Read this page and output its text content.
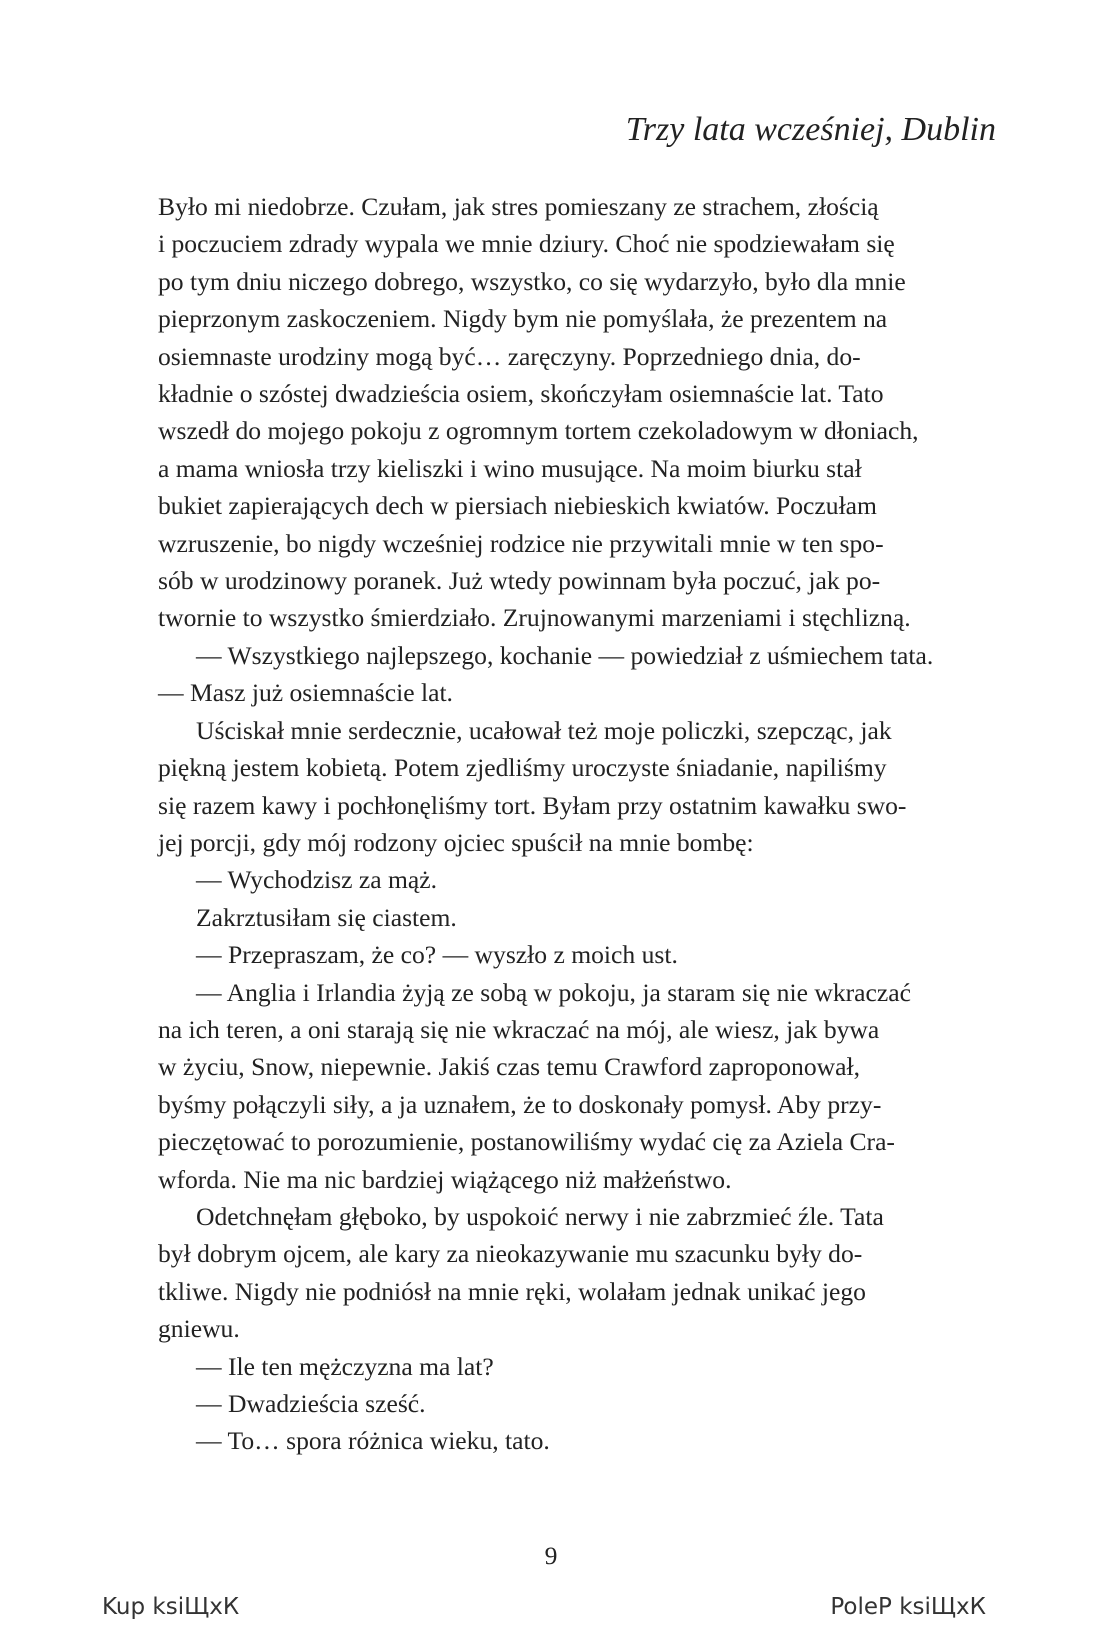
Trzy lata wcześniej, Dublin

Było mi niedobrze. Czułam, jak stres pomieszany ze strachem, złością
i poczuciem zdrady wypala we mnie dziury. Choć nie spodziewałam się
po tym dniu niczego dobrego, wszystko, co się wydarzyło, było dla mnie
pieprzonym zaskoczeniem. Nigdy bym nie pomyślała, że prezentem na
osiemnaste urodziny mogą być… zaręczyny. Poprzedniego dnia, do-
kładnie o szóstej dwadzieścia osiem, skończyłam osiemnaście lat. Tato
wszedł do mojego pokoju z ogromnym tortem czekoladowym w dłoniach,
a mama wniosła trzy kieliszki i wino musujące. Na moim biurku stał
bukiet zapierających dech w piersiach niebieskich kwiatów. Poczułam
wzruszenie, bo nigdy wcześniej rodzice nie przywitali mnie w ten spo-
sób w urodzinowy poranek. Już wtedy powinnam była poczuć, jak po-
twornie to wszystko śmierdziało. Zrujnowanymi marzeniami i stęchlizną.

— Wszystkiego najlepszego, kochanie — powiedział z uśmiechem tata.
— Masz już osiemnaście lat.

Uściskał mnie serdecznie, ucałował też moje policzki, szepcząc, jak
piękną jestem kobietą. Potem zjedliśmy uroczyste śniadanie, napiliśmy
się razem kawy i pochłonęliśmy tort. Byłam przy ostatnim kawałku swo-
jej porcji, gdy mój rodzony ojciec spuścił na mnie bombę:

— Wychodzisz za mąż.

Zakrztusiłam się ciastem.

— Przepraszam, że co? — wyszło z moich ust.

— Anglia i Irlandia żyją ze sobą w pokoju, ja staram się nie wkraczać
na ich teren, a oni starają się nie wkraczać na mój, ale wiesz, jak bywa
w życiu, Snow, niepewnie. Jakiś czas temu Crawford zaproponował,
byśmy połączyli siły, a ja uznałem, że to doskonały pomysł. Aby przy-
pieczętować to porozumienie, postanowiliśmy wydać cię za Aziela Cra-
wforda. Nie ma nic bardziej wiążącego niż małżeństwo.

Odetchnęłam głęboko, by uspokoić nerwy i nie zabrzmieć źle. Tata
był dobrym ojcem, ale kary za nieokazywanie mu szacunku były do-
tkliwe. Nigdy nie podniósł na mnie ręki, wolałam jednak unikać jego
gniewu.

— Ile ten mężczyzna ma lat?

— Dwadzieścia sześć.

— To… spora różnica wieku, tato.

9
Kup ksiЩхК	PoleP ksiЩхК
